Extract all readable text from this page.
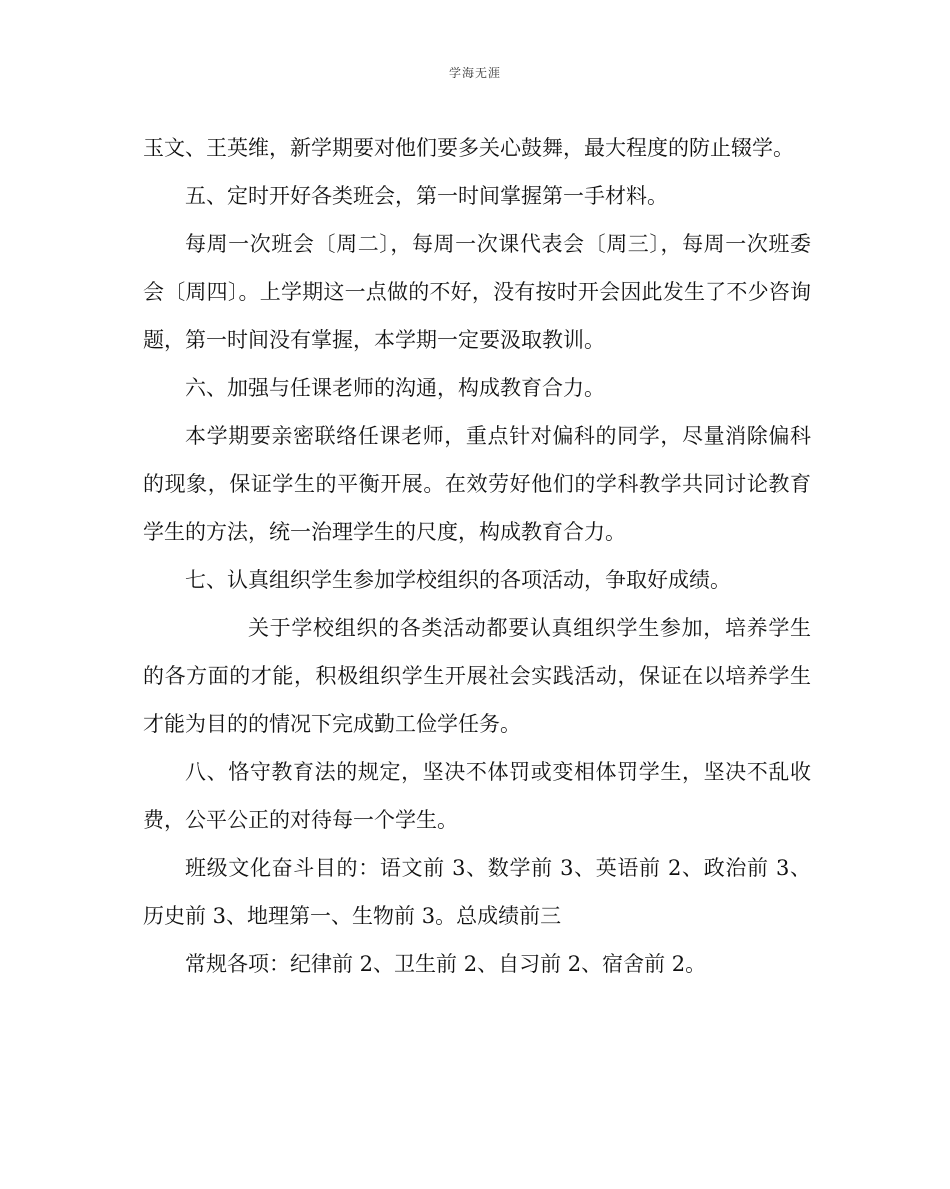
学海无涯

玉文、王英维，新学期要对他们要多关心鼓舞，最大程度的防止辍学。

五、定时开好各类班会，第一时间掌握第一手材料。

每周一次班会〔周二〕，每周一次课代表会〔周三〕，每周一次班委会〔周四〕。上学期这一点做的不好，没有按时开会因此发生了不少咨询题，第一时间没有掌握，本学期一定要汲取教训。

六、加强与任课老师的沟通，构成教育合力。

本学期要亲密联络任课老师，重点针对偏科的同学，尽量消除偏科的现象，保证学生的平衡开展。在效劳好他们的学科教学共同讨论教育学生的方法，统一治理学生的尺度，构成教育合力。

七、认真组织学生参加学校组织的各项活动，争取好成绩。

关于学校组织的各类活动都要认真组织学生参加，培养学生的各方面的才能，积极组织学生开展社会实践活动，保证在以培养学生才能为目的的情况下完成勤工俭学任务。

八、恪守教育法的规定，坚决不体罚或变相体罚学生，坚决不乱收费，公平公正的对待每一个学生。

班级文化奋斗目的：语文前 3、数学前 3、英语前 2、政治前 3、历史前 3、地理第一、生物前 3。总成绩前三

常规各项：纪律前 2、卫生前 2、自习前 2、宿舍前 2。
